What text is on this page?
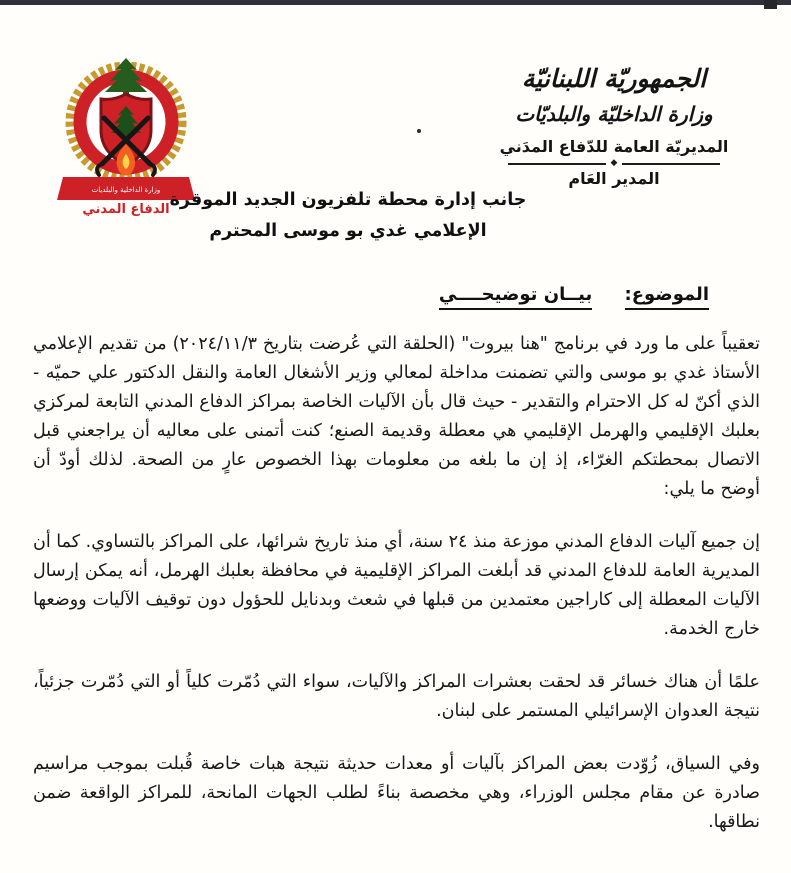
وزارة الداخلية والبلديات
الدفاع المدني
الجمهوريّة اللبنانيّة
وزارة الداخليّة والبلديّات
المديريّة العامة للدّفاع المدَني
◆
المدير العَام
جانب إدارة محطة تلفزيون الجديد الموقرة
الإعلامي غدي بو موسى المحترم
الموضوع: بيــان توضيحــــي

تعقيباً على ما ورد في برنامج "هنا بيروت" (الحلقة التي عُرضت بتاريخ ٢٠٢٤/١١/٣) من تقديم الإعلامي الأستاذ غدي بو موسى والتي تضمنت مداخلة لمعالي وزير الأشغال العامة والنقل الدكتور علي حميّه - الذي أكنّ له كل الاحترام والتقدير - حيث قال بأن الآليات الخاصة بمراكز الدفاع المدني التابعة لمركزي بعلبك الإقليمي والهرمل الإقليمي هي معطلة وقديمة الصنع؛ كنت أتمنى على معاليه أن يراجعني قبل الاتصال بمحطتكم الغرّاء، إذ إن ما بلغه من معلومات بهذا الخصوص عارٍ من الصحة. لذلك أودّ أن أوضح ما يلي:

إن جميع آليات الدفاع المدني موزعة منذ ٢٤ سنة، أي منذ تاريخ شرائها، على المراكز بالتساوي. كما أن المديرية العامة للدفاع المدني قد أبلغت المراكز الإقليمية في محافظة بعلبك الهرمل، أنه يمكن إرسال الآليات المعطلة إلى كاراجين معتمدين من قبلها في شعث وبدنايل للحؤول دون توقيف الآليات ووضعها خارج الخدمة.

علمًا أن هناك خسائر قد لحقت بعشرات المراكز والآليات، سواء التي دُمّرت كلياً أو التي دُمّرت جزئياً، نتيجة العدوان الإسرائيلي المستمر على لبنان.

وفي السياق، زُوّدت بعض المراكز بآليات أو معدات حديثة نتيجة هبات خاصة قُبلت بموجب مراسيم صادرة عن مقام مجلس الوزراء، وهي مخصصة بناءً لطلب الجهات المانحة، للمراكز الواقعة ضمن نطاقها.
